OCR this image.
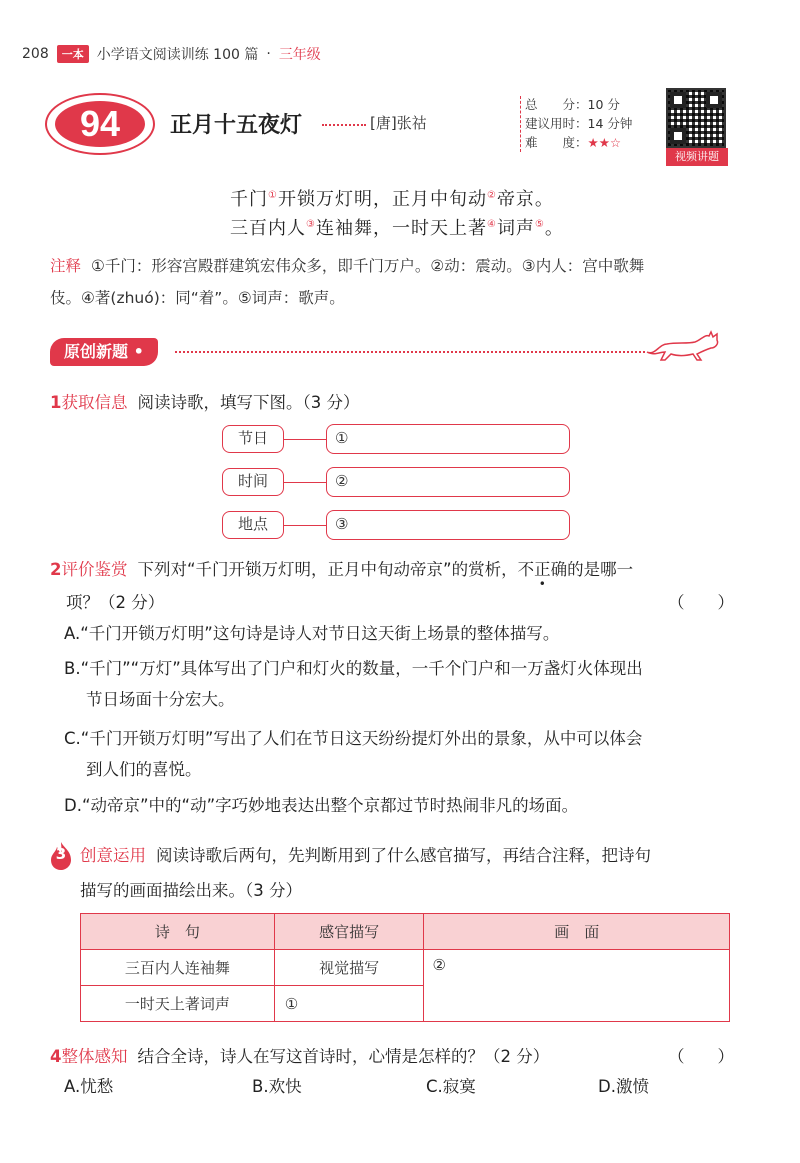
208	一本 小学语文阅读训练 100 篇 · 三年级
94	正月十五夜灯	[唐]张祜
总　　分：10 分
建议用时：14 分钟
难　　度：★★☆
视频讲题
千门①开锁万灯明，正月中旬动②帝京。
三百内人③连袖舞，一时天上著④词声⑤。
注释 ①千门：形容宫殿群建筑宏伟众多，即千门万户。②动：震动。③内人：宫中歌舞
伎。④著(zhuó)：同“着”。⑤词声：歌声。
原创新题 •
1获取信息 阅读诗歌，填写下图。（3 分）
节日	①
时间	②
地点	③
2评价鉴赏 下列对“千门开锁万灯明，正月中旬动帝京”的赏析，不正确的是哪一
项？（2 分）	（　　）
A.“千门开锁万灯明”这句诗是诗人对节日这天街上场景的整体描写。
B.“千门”“万灯”具体写出了门户和灯火的数量，一千个门户和一万盏灯火体现出
节日场面十分宏大。
C.“千门开锁万灯明”写出了人们在节日这天纷纷提灯外出的景象，从中可以体会
到人们的喜悦。
D.“动帝京”中的“动”字巧妙地表达出整个京都过节时热闹非凡的场面。
3 创意运用 阅读诗歌后两句，先判断用到了什么感官描写，再结合注释，把诗句
描写的画面描绘出来。（3 分）
诗　句	感官描写	画　面
三百内人连袖舞	视觉描写	②
一时天上著词声	①	
4整体感知 结合全诗，诗人在写这首诗时，心情是怎样的？（2 分）	（　　）
A.忧愁	B.欢快	C.寂寞	D.激愤
